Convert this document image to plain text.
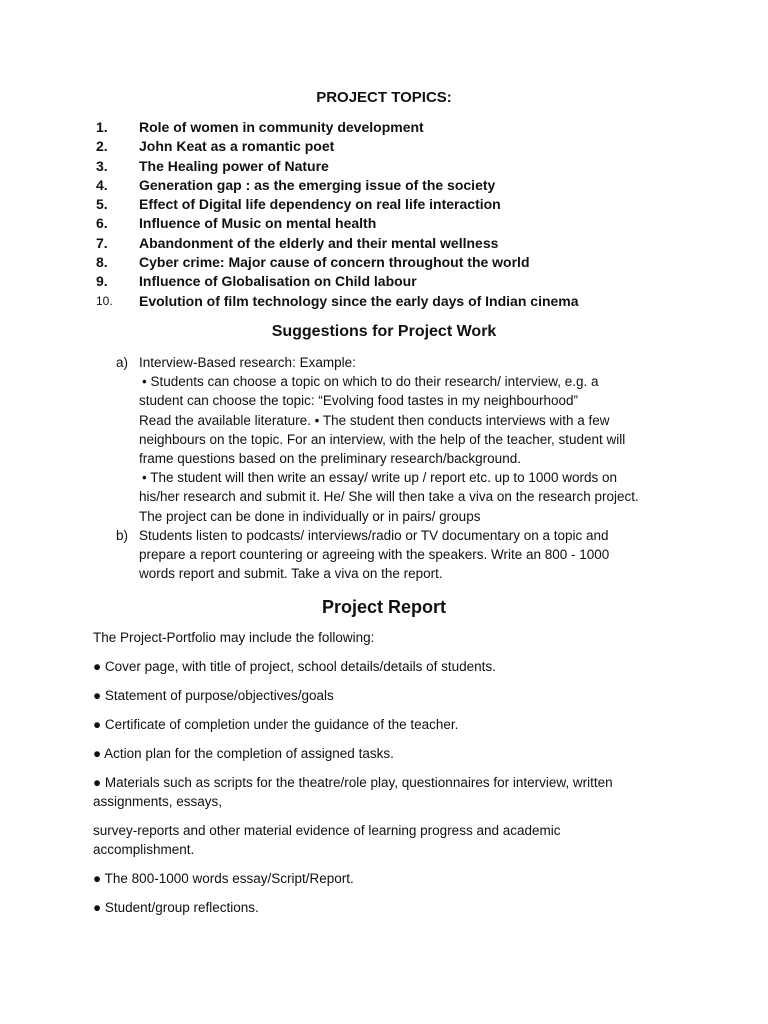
PROJECT TOPICS:
1.	Role of women in community development
2.	John Keat as a romantic poet
3.	The Healing power of Nature
4.	Generation gap : as the emerging issue of the society
5.	Effect of Digital life dependency on real life interaction
6.	Influence of Music on mental health
7.	Abandonment of the elderly and their mental wellness
8.	Cyber crime: Major cause of concern throughout the world
9.	Influence of Globalisation on Child labour
10.	Evolution of film technology since the early days of Indian cinema
Suggestions for Project Work
a) Interview-Based research: Example:
• Students can choose a topic on which to do their research/ interview, e.g. a
student can choose the topic: “Evolving food tastes in my neighbourhood”
Read the available literature. • The student then conducts interviews with a few
neighbours on the topic. For an interview, with the help of the teacher, student will
frame questions based on the preliminary research/background.
• The student will then write an essay/ write up / report etc. up to 1000 words on
his/her research and submit it. He/ She will then take a viva on the research project.
The project can be done in individually or in pairs/ groups
b) Students listen to podcasts/ interviews/radio or TV documentary on a topic and
prepare a report countering or agreeing with the speakers. Write an 800 - 1000
words report and submit. Take a viva on the report.
Project Report
The Project-Portfolio may include the following:
● Cover page, with title of project, school details/details of students.
● Statement of purpose/objectives/goals
● Certificate of completion under the guidance of the teacher.
● Action plan for the completion of assigned tasks.
● Materials such as scripts for the theatre/role play, questionnaires for interview, written
assignments, essays,
survey-reports and other material evidence of learning progress and academic
accomplishment.
● The 800-1000 words essay/Script/Report.
● Student/group reflections.
